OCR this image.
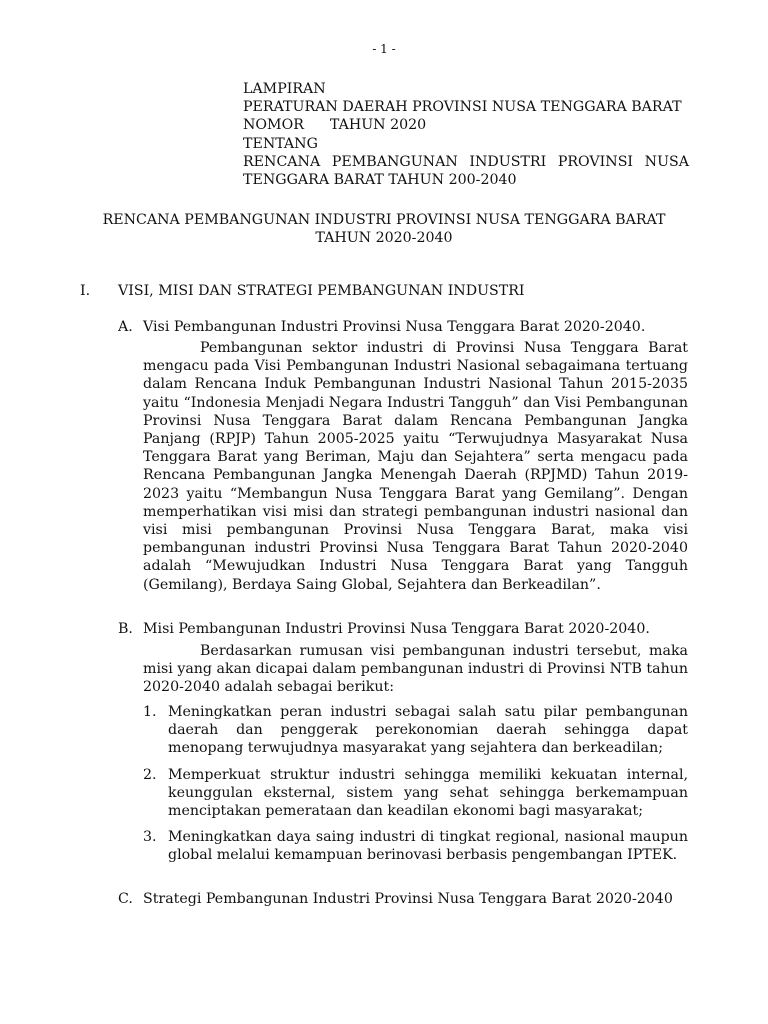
- 1 -
LAMPIRAN
PERATURAN DAERAH PROVINSI NUSA TENGGARA BARAT
NOMOR TAHUN 2020
TENTANG
RENCANA PEMBANGUNAN INDUSTRI PROVINSI NUSA
TENGGARA BARAT TAHUN 200-2040
RENCANA PEMBANGUNAN INDUSTRI PROVINSI NUSA TENGGARA BARAT
TAHUN 2020-2040
I. VISI, MISI DAN STRATEGI PEMBANGUNAN INDUSTRI
A. Visi Pembangunan Industri Provinsi Nusa Tenggara Barat 2020-2040.

Pembangunan sektor industri di Provinsi Nusa Tenggara Barat mengacu pada Visi Pembangunan Industri Nasional sebagaimana tertuang dalam Rencana Induk Pembangunan Industri Nasional Tahun 2015-2035 yaitu “Indonesia Menjadi Negara Industri Tangguh” dan Visi Pembangunan Provinsi Nusa Tenggara Barat dalam Rencana Pembangunan Jangka Panjang (RPJP) Tahun 2005-2025 yaitu “Terwujudnya Masyarakat Nusa Tenggara Barat yang Beriman, Maju dan Sejahtera” serta mengacu pada Rencana Pembangunan Jangka Menengah Daerah (RPJMD) Tahun 2019-2023 yaitu “Membangun Nusa Tenggara Barat yang Gemilang”. Dengan memperhatikan visi misi dan strategi pembangunan industri nasional dan visi misi pembangunan Provinsi Nusa Tenggara Barat, maka visi pembangunan industri Provinsi Nusa Tenggara Barat Tahun 2020-2040 adalah “Mewujudkan Industri Nusa Tenggara Barat yang Tangguh (Gemilang), Berdaya Saing Global, Sejahtera dan Berkeadilan”.

B. Misi Pembangunan Industri Provinsi Nusa Tenggara Barat 2020-2040.

Berdasarkan rumusan visi pembangunan industri tersebut, maka misi yang akan dicapai dalam pembangunan industri di Provinsi NTB tahun 2020-2040 adalah sebagai berikut:

1. Meningkatkan peran industri sebagai salah satu pilar pembangunan daerah dan penggerak perekonomian daerah sehingga dapat menopang terwujudnya masyarakat yang sejahtera dan berkeadilan;
2. Memperkuat struktur industri sehingga memiliki kekuatan internal, keunggulan eksternal, sistem yang sehat sehingga berkemampuan menciptakan pemerataan dan keadilan ekonomi bagi masyarakat;
3. Meningkatkan daya saing industri di tingkat regional, nasional maupun global melalui kemampuan berinovasi berbasis pengembangan IPTEK.
C. Strategi Pembangunan Industri Provinsi Nusa Tenggara Barat 2020-2040
